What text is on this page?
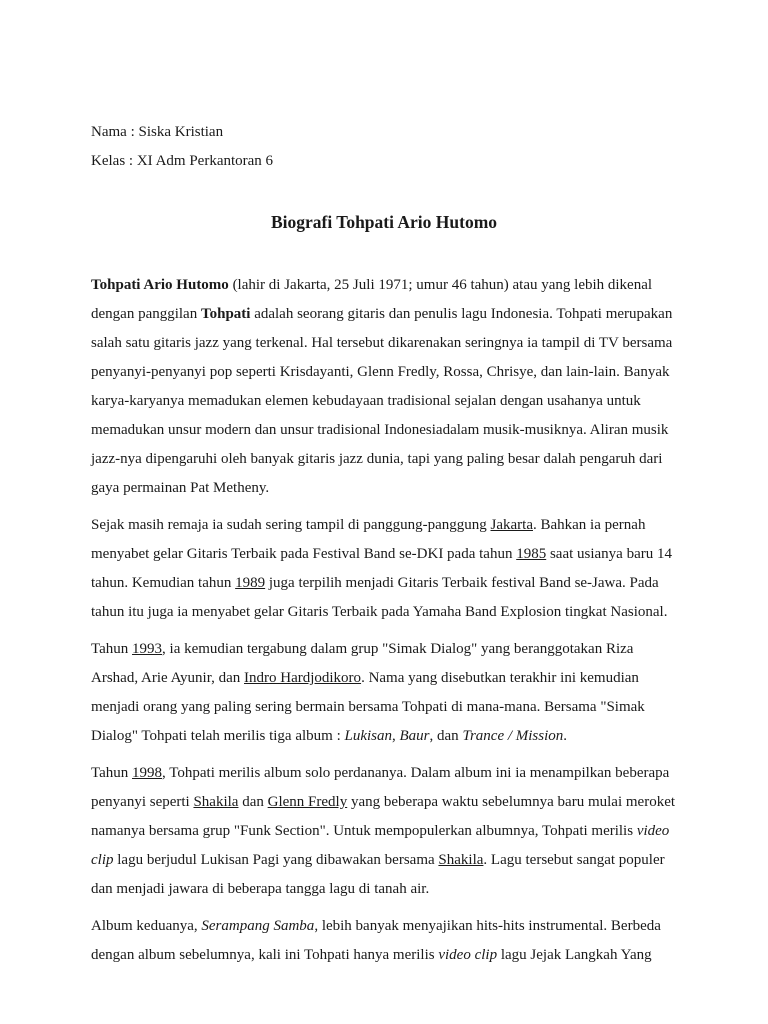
Nama : Siska Kristian
Kelas : XI Adm Perkantoran 6
Biografi Tohpati Ario Hutomo
Tohpati Ario Hutomo (lahir di Jakarta, 25 Juli 1971; umur 46 tahun) atau yang lebih dikenal
dengan panggilan Tohpati adalah seorang gitaris dan penulis lagu Indonesia. Tohpati merupakan
salah satu gitaris jazz yang terkenal. Hal tersebut dikarenakan seringnya ia tampil di TV bersama
penyanyi-penyanyi pop seperti Krisdayanti, Glenn Fredly, Rossa, Chrisye, dan lain-lain. Banyak
karya-karyanya memadukan elemen kebudayaan tradisional sejalan dengan usahanya untuk
memadukan unsur modern dan unsur tradisional Indonesiadalam musik-musiknya. Aliran musik
jazz-nya dipengaruhi oleh banyak gitaris jazz dunia, tapi yang paling besar dalah pengaruh dari
gaya permainan Pat Metheny.
Sejak masih remaja ia sudah sering tampil di panggung-panggung Jakarta. Bahkan ia pernah
menyabet gelar Gitaris Terbaik pada Festival Band se-DKI pada tahun 1985 saat usianya baru 14
tahun. Kemudian tahun 1989 juga terpilih menjadi Gitaris Terbaik festival Band se-Jawa. Pada
tahun itu juga ia menyabet gelar Gitaris Terbaik pada Yamaha Band Explosion tingkat Nasional.
Tahun 1993, ia kemudian tergabung dalam grup "Simak Dialog" yang beranggotakan Riza
Arshad, Arie Ayunir, dan Indro Hardjodikoro. Nama yang disebutkan terakhir ini kemudian
menjadi orang yang paling sering bermain bersama Tohpati di mana-mana. Bersama "Simak
Dialog" Tohpati telah merilis tiga album : Lukisan, Baur, dan Trance / Mission.
Tahun 1998, Tohpati merilis album solo perdananya. Dalam album ini ia menampilkan beberapa
penyanyi seperti Shakila dan Glenn Fredly yang beberapa waktu sebelumnya baru mulai meroket
namanya bersama grup "Funk Section". Untuk mempopulerkan albumnya, Tohpati merilis video
clip lagu berjudul Lukisan Pagi yang dibawakan bersama Shakila. Lagu tersebut sangat populer
dan menjadi jawara di beberapa tangga lagu di tanah air.
Album keduanya, Serampang Samba, lebih banyak menyajikan hits-hits instrumental. Berbeda
dengan album sebelumnya, kali ini Tohpati hanya merilis video clip lagu Jejak Langkah Yang
